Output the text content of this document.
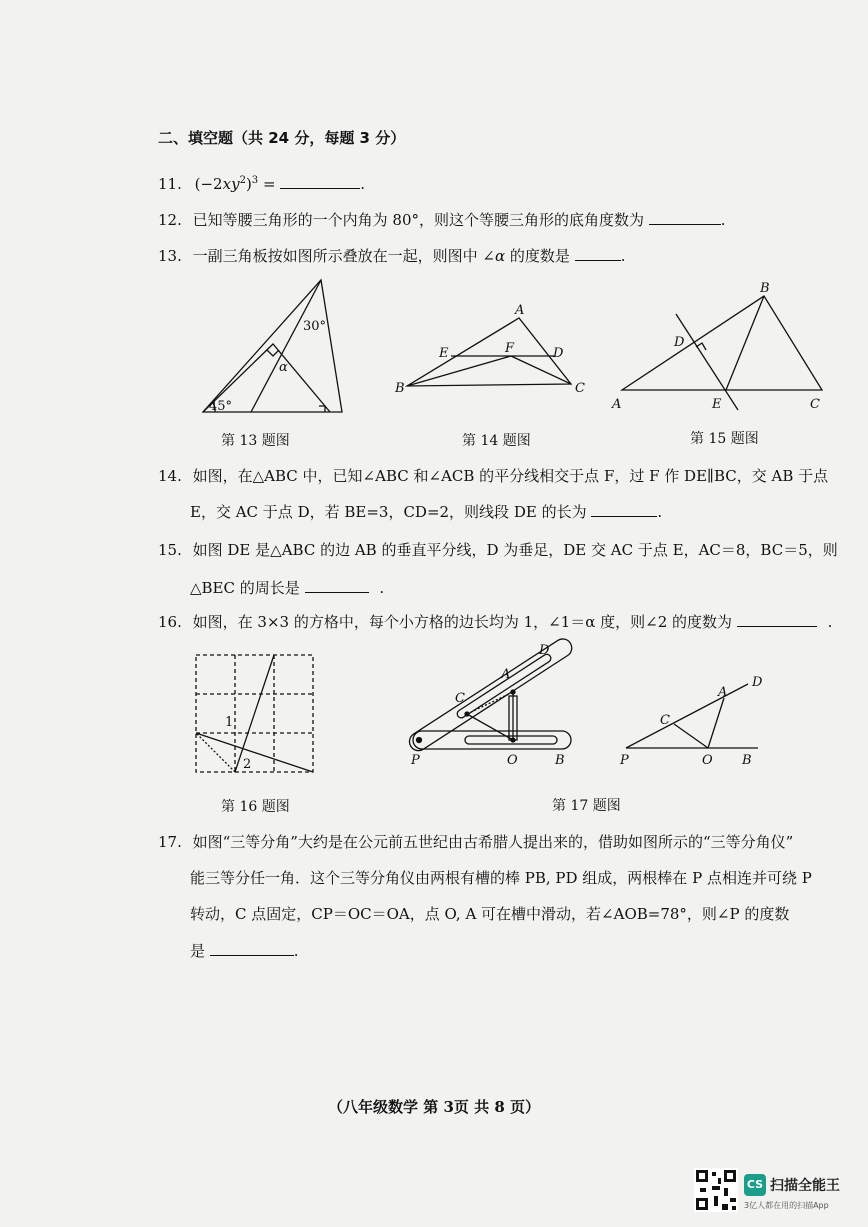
二、填空题（共 24 分，每题 3 分）
11. $(-2xy^2)^3$ =	.
12. 已知等腰三角形的一个内角为 80°，则这个等腰三角形的底角度数为	.
13. 一副三角板按如图所示叠放在一起，则图中 ∠α 的度数是	.
30°
45°
α
第 13 题图
A
B	C
D
E	F
第 14 题图
B
A	C
D
E
第 15 题图
14. 如图，在△ABC 中，已知∠ABC 和∠ACB 的平分线相交于点 F，过 F 作 DE∥BC，交 AB 于点
E，交 AC 于点 D，若 BE=3，CD=2，则线段 DE 的长为	.
15. 如图 DE 是△ABC 的边 AB 的垂直平分线，D 为垂足，DE 交 AC 于点 E，AC＝8，BC＝5，则
△BEC 的周长是	.
16. 如图，在 3×3 的方格中，每个小方格的边长均为 1，∠1＝α 度，则∠2 的度数为	.
1
2
第 16 题图
D
A
C
P	O	B
D
A
C
P	O B
第 17 题图
17. 如图“三等分角”大约是在公元前五世纪由古希腊人提出来的，借助如图所示的“三等分角仪”
能三等分任一角．这个三等分角仪由两根有槽的棒 PB, PD 组成，两根棒在 P 点相连并可绕 P
转动，C 点固定，CP＝OC＝OA，点 O, A 可在槽中滑动，若∠AOB=78°，则∠P 的度数
是	.
（八年级数学 第 3页 共 8 页）
CS 扫描全能王
3亿人都在用的扫描App
